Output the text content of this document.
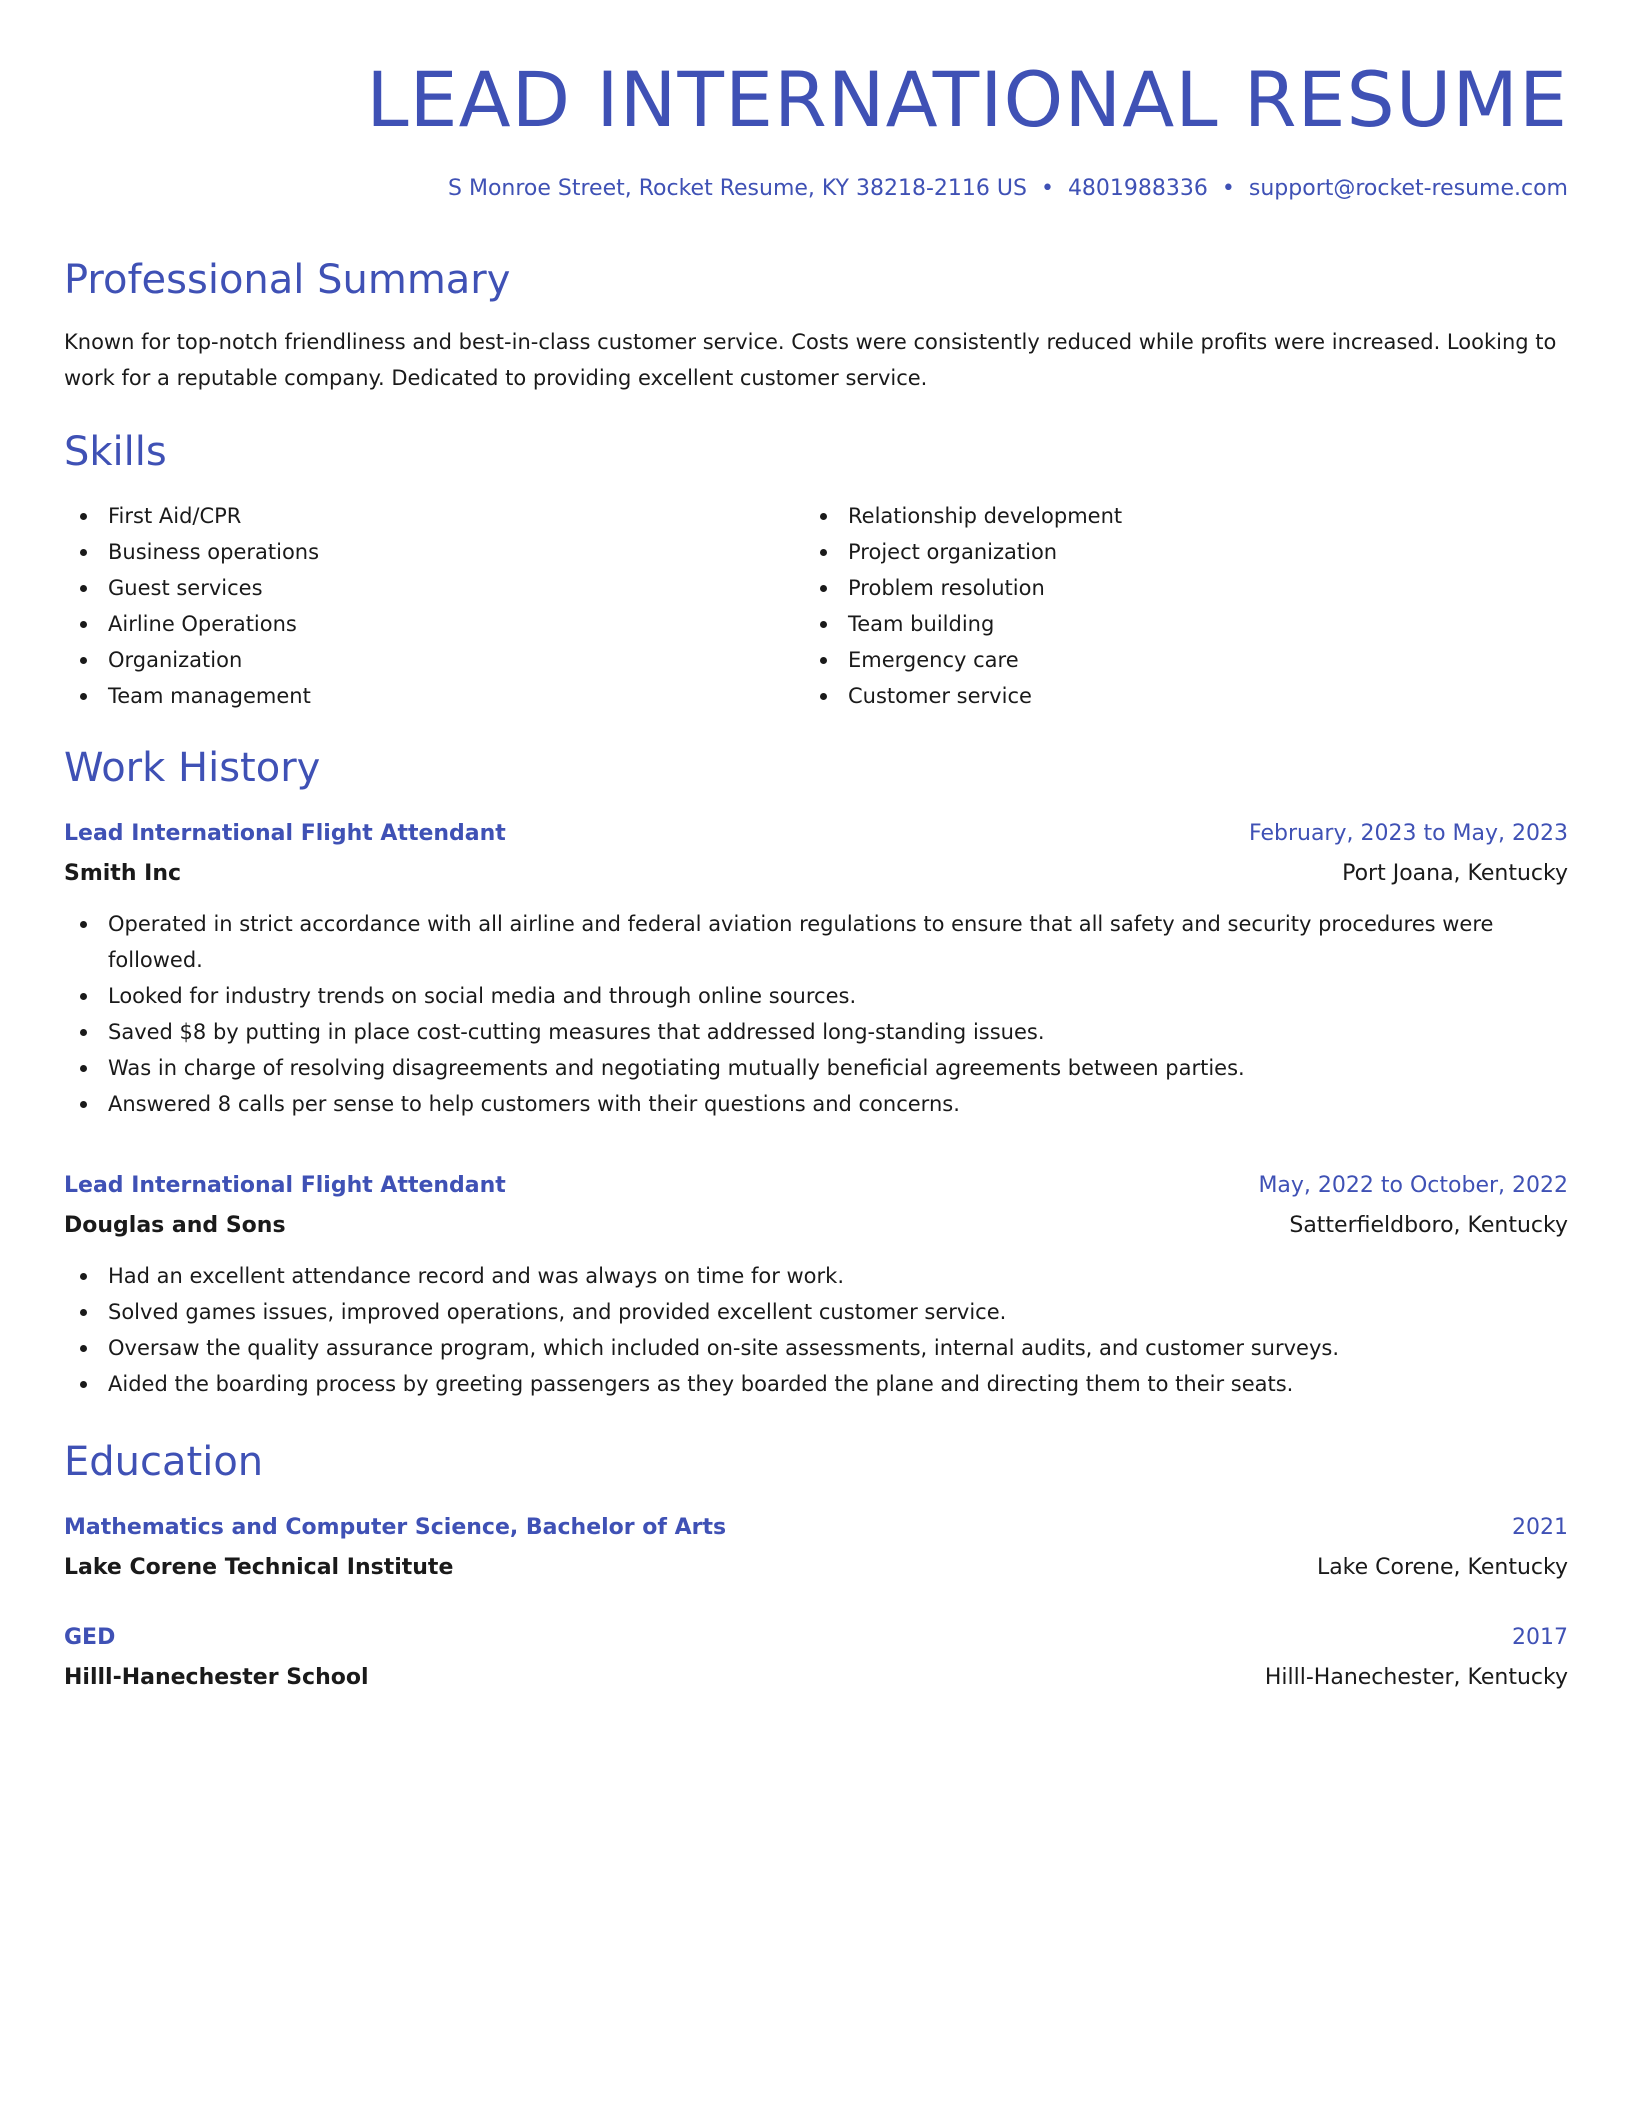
LEAD INTERNATIONAL RESUME
S Monroe Street, Rocket Resume, KY 38218-2116 US • 4801988336 • support@rocket-resume.com
Professional Summary
Known for top-notch friendliness and best-in-class customer service. Costs were consistently reduced while profits were increased. Looking to work for a reputable company. Dedicated to providing excellent customer service.
Skills
First Aid/CPR
Business operations
Guest services
Airline Operations
Organization
Team management
Relationship development
Project organization
Problem resolution
Team building
Emergency care
Customer service
Work History
Lead International Flight Attendant	February, 2023 to May, 2023
Smith Inc	Port Joana, Kentucky
Operated in strict accordance with all airline and federal aviation regulations to ensure that all safety and security procedures were followed.
Looked for industry trends on social media and through online sources.
Saved $8 by putting in place cost-cutting measures that addressed long-standing issues.
Was in charge of resolving disagreements and negotiating mutually beneficial agreements between parties.
Answered 8 calls per sense to help customers with their questions and concerns.
Lead International Flight Attendant	May, 2022 to October, 2022
Douglas and Sons	Satterfieldboro, Kentucky
Had an excellent attendance record and was always on time for work.
Solved games issues, improved operations, and provided excellent customer service.
Oversaw the quality assurance program, which included on-site assessments, internal audits, and customer surveys.
Aided the boarding process by greeting passengers as they boarded the plane and directing them to their seats.
Education
Mathematics and Computer Science, Bachelor of Arts	2021
Lake Corene Technical Institute	Lake Corene, Kentucky
GED	2017
Hilll-Hanechester School	Hilll-Hanechester, Kentucky
